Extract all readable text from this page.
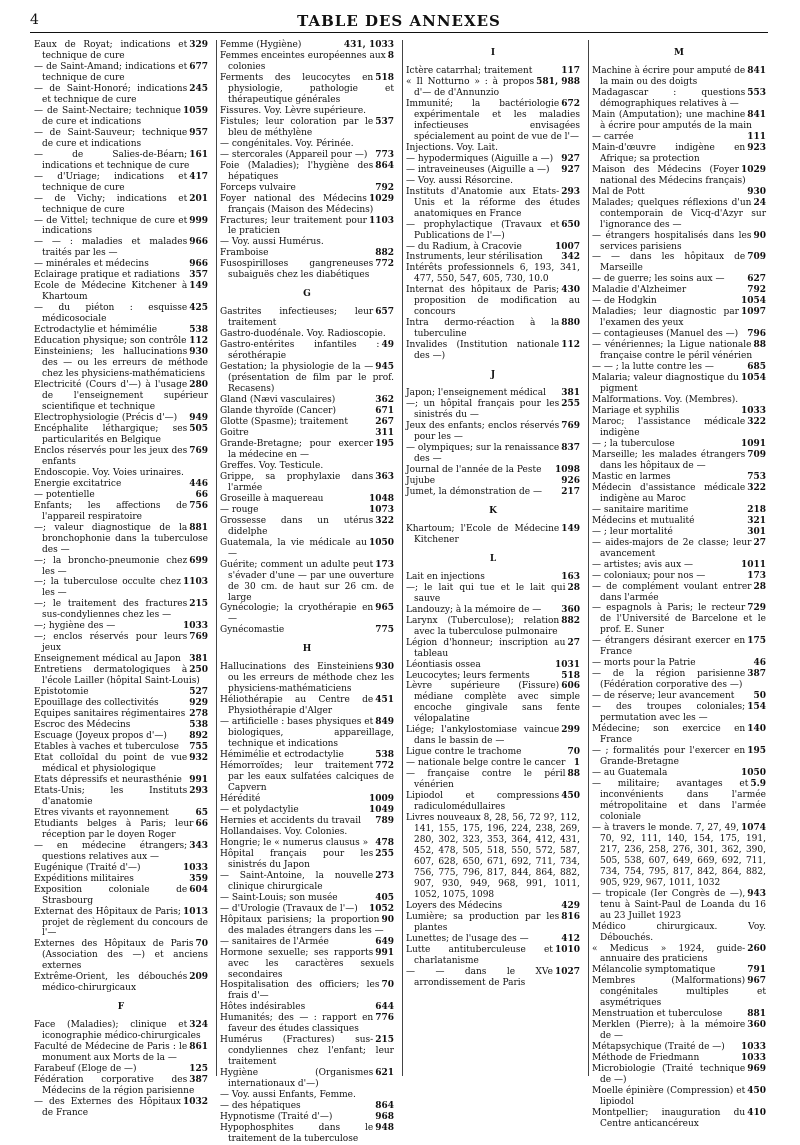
4	TABLE DES ANNEXES

329
Eaux de Royat; indications et technique de cure

677
— de Saint-Amand; indications et technique de cure

245
— de Saint-Honoré; indications et technique de cure

1059
— de Saint-Nectaire; technique de cure et indications

957
— de Saint-Sauveur; technique de cure et indications

161
— de Salies-de-Béarn; indications et technique de cure

417
— d'Uriage; indications et technique de cure

201
— de Vichy; indications et technique de cure

999
— de Vittel; technique de cure et indications

966
— — : maladies et malades traités par les —

966
— minérales et médecins

357
Eclairage pratique et radiations

149
Ecole de Médecine Kitchener à Khartoum

425
— du piéton : esquisse médicosociale

538
Ectrodactylie et hémimélie

112
Education physique; son contrôle

930
Einsteiniens; les hallucinations des — ou les erreurs de méthode chez les physiciens-mathématiciens

280
Electricité (Cours d'—) à l'usage de l'enseignement supérieur scientifique et technique

949
Electrophysiologie (Précis d'—)

505
Encéphalite léthargique; ses particularités en Belgique

769
Enclos réservés pour les jeux des enfants

Endoscopie. Voy. Voies urinaires.

446
Energie excitatrice

66
— potentielle

756
Enfants; les affections de l'appareil respiratoire

881
—; valeur diagnostique de la bronchophonie dans la tuberculose des —

699
—; la broncho-pneumonie chez les —

1103
—; la tuberculose occulte chez les —

215
—; le traitement des fractures sus-condyliennes chez les —

1033
—; hygiène des —

769
—; enclos réservés pour leurs jeux

381
Enseignement médical au Japon

250
Entretiens dermatologiques à l'école Lailler (hôpital Saint-Louis)

527
Epistotomie

929
Epouillage des collectivités

278
Equipes sanitaires régimentaires

538
Escroc des Médecins

892
Escuage (Joyeux propos d'—)

755
Etables à vaches et tuberculose

932
Etat colloïdal du point de vue médical et physiologique

991
Etats dépressifs et neurasthénie

293
Etats-Unis; les Instituts d'anatomie

65
Etres vivants et rayonnement

66
Etudiants belges à Paris; leur réception par le doyen Roger

343
— en médecine étrangers; questions relatives aux —

1033
Eugénique (Traité d'—)

359
Expéditions militaires

604
Exposition coloniale de Strasbourg

1013
Externat des Hôpitaux de Paris; projet de règlement du concours de l'—

70
Externes des Hôpitaux de Paris (Association des —) et anciens externes

209
Extrême-Orient, les débouchés médico-chirurgicaux

F

324
Face (Maladies); clinique et iconographie médico-chirurgicales

861
Faculté de Médecine de Paris : le monument aux Morts de la —

125
Farabeuf (Eloge de —)

387
Fédération corporative des Médecins de la région parisienne

1032
— des Externes des Hôpitaux de France

431, 1033
Femme (Hygiène)

8
Femmes enceintes européennes aux colonies

518
Ferments des leucocytes en physiologie, pathologie et thérapeutique générales

Fissures. Voy. Lèvre supérieure.

537
Fistules; leur coloration par le bleu de méthylène

— congénitales. Voy. Périnée.

773
— stercorales (Appareil pour —)

864
Foie (Maladies); l'hygiène des hépatiques

792
Forceps vulvaire

1029
Foyer national des Médecins français (Maison des Médecins)

1103
Fractures; leur traitement pour le praticien

— Voy. aussi Humérus.

882
Framboise

772
Fusospirilloses gangreneuses subaiguës chez les diabétiques

G

657
Gastrites infectieuses; leur traitement

Gastro-duodénale. Voy. Radioscopie.

49
Gastro-entérites infantiles : sérothérapie

945
Gestation; la physiologie de la — (présentation de film par le prof. Recasens)

362
Gland (Nævi vasculaires)

671
Glande thyroïde (Cancer)

267
Glotte (Spasme); traitement

311
Goitre

195
Grande-Bretagne; pour exercer la médecine en —

Greffes. Voy. Testicule.

363
Grippe, sa prophylaxie dans l'armée

1048
Groseille à maquereau

1073
— rouge

322
Grossesse dans un utérus didelphe

1050
Guatemala, la vie médicale au —

173
Guérite; comment un adulte peut s'évader d'une — par une ouverture de 30 cm. de haut sur 26 cm. de large

965
Gynécologie; la cryothérapie en —

775
Gynécomastie

H

930
Hallucinations des Einsteiniens ou les erreurs de méthode chez les physiciens-mathématiciens

451
Héliothérapie au Centre de Physiothérapie d'Alger

849
— artificielle : bases physiques et biologiques, appareillage, technique et indications

538
Hémimélie et ectrodactylie

772
Hémorroïdes; leur traitement par les eaux sulfatées calciques de Capvern

1009
Hérédité

1049
— et polydactylie

789
Hernies et accidents du travail

Hollandaises. Voy. Colonies.

478
Hongrie; le « numerus clausus »

255
Hôpital français pour les sinistrés du Japon

273
— Saint-Antoine, la nouvelle clinique chirurgicale

405
— Saint-Louis; son musée

1052
— d'Urologie (Travaux de l'—)

90
Hôpitaux parisiens; la proportion des malades étrangers dans les —

649
— sanitaires de l'Armée

991
Hormone sexuelle; ses rapports avec les caractères sexuels secondaires

70
Hospitalisation des officiers; les frais d'—

644
Hôtes indésirables

776
Humanités; des — : rapport en faveur des études classiques

215
Humérus (Fractures) sus-condyliennes chez l'enfant; leur traitement

621
Hygiène (Organismes internationaux d'—)

— Voy. aussi Enfants, Femme.

864
— des hépatiques

968
Hypnotisme (Traité d'—)

948
Hypophosphites dans le traitement de la tuberculose

I

117
Ictère catarrhal; traitement

581, 988
« Il Notturno » : à propos d'— de d'Annunzio

672
Immunité; la bactériologie expérimentale et les maladies infectieuses envisagées spécialement au point de vue de l'—

Injections. Voy. Lait.

927
— hypodermiques (Aiguille a —)

927
— intraveineuses (Aiguille a —)

— Voy. aussi Résorcine.

293
Instituts d'Anatomie aux Etats-Unis et la réforme des études anatomiques en France

650
— prophylactique (Travaux et Publications de l'—)

1007
— du Radium, à Cracovie

342
Instruments, leur stérilisation

Intérêts professionnels 6, 193, 341, 477, 550, 547, 605, 730, 10.0

430
Internat des hôpitaux de Paris; proposition de modification au concours

880
Intra dermo-réaction à la tuberculine

112
Invalides (Institution nationale des —)

J

381
Japon; l'enseignement médical

255
—; un hôpital français pour les sinistrés du —

769
Jeux des enfants; enclos réservés pour les —

837
— olympiques; sur la renaissance des —

1098
Journal de l'année de la Peste

926
Jujube

217
Jumet, la démonstration de —

K

149
Khartoum; l'Ecole de Médecine Kitchener

L

163
Lait en injections

28
—; le lait qui tue et le lait qui sauve

360
Landouzy; à la mémoire de —

882
Larynx (Tuberculose); relation avec la tuberculose pulmonaire

27
Légion d'honneur; inscription au tableau

1031
Léontiasis ossea

518
Leucocytes; leurs ferments

606
Lèvre supérieure (Fissure) médiane complète avec simple encoche gingivale sans fente vélopalatine

299
Liége; l'ankylostomiase vaincue dans le bassin de —

70
Ligue contre le trachome

1
— nationale belge contre le cancer

88
— française contre le péril vénérien

450
Lipiodol et compressions radiculomédullaires

Livres nouveaux 8, 28, 56, 72 9?, 112, 141, 155, 175, 196, 224, 238, 269, 280, 302, 323, 353, 364, 412, 431, 452, 478, 505, 518, 550, 572, 587, 607, 628, 650, 671, 692, 711, 734, 756, 775, 796, 817, 844, 864, 882, 907, 930, 949, 968, 991, 1011, 1052, 1075, 1098

429
Loyers des Médecins

816
Lumière; sa production par les plantes

412
Lunettes; de l'usage des —

1010
Lutte antituberculeuse et charlatanisme

1027
— — dans le XVe arrondissement de Paris

M

841
Machine à écrire pour amputé de la main ou des doigts

553
Madagascar : questions démographiques relatives à —

841
Main (Amputation); une machine à écrire pour amputés de la main

111
— carrée

923
Main-d'œuvre indigène en Afrique; sa protection

1029
Maison des Médecins (Foyer national des Médecins français)

930
Mal de Pott

24
Malades; quelques réflexions d'un contemporain de Vicq-d'Azyr sur l'ignorance des —

90
— étrangers hospitalisés dans les services parisiens

709
— — dans les hôpitaux de Marseille

627
— de guerre; les soins aux —

792
Maladie d'Alzheimer

1054
— de Hodgkin

1097
Maladies; leur diagnostic par l'examen des yeux

796
— contagieuses (Manuel des —)

88
— vénériennes; la Ligue nationale française contre le péril vénérien

685
— — ; la lutte contre les —

1054
Malaria; valeur diagnostique du pigment

Malformations. Voy. (Membres).

1033
Mariage et syphilis

322
Maroc; l'assistance médicale indigène

1091
— ; la tuberculose

709
Marseille; les malades étrangers dans les hôpitaux de —

753
Mastic en larmes

322
Médecin d'assistance médicale indigène au Maroc

218
— sanitaire maritime

321
Médecins et mutualité

301
— ; leur mortalité

27
— aides-majors de 2e classe; leur avancement

1011
— artistes; avis aux —

173
— coloniaux; pour nos —

28
— de complément voulant entrer dans l'armée

729
— espagnols à Paris; le recteur de l'Université de Barcelone et le prof. E. Suner

175
— étrangers désirant exercer en France

46
— morts pour la Patrie

387
— de la région parisienne (Fédération corporative des —)

50
— de réserve; leur avancement

154
— des troupes coloniales; permutation avec les —

140
Médecine; son exercice en France

195
— ; formalités pour l'exercer en Grande-Bretagne

1050
— au Guatemala

5.9
— militaire; avantages et inconvénients dans l'armée métropolitaine et dans l'armée coloniale

1074
— à travers le monde. 7, 27, 49, 70, 92, 111, 140, 154, 175, 191, 217, 236, 258, 276, 301, 362, 390, 505, 538, 607, 649, 669, 692, 711, 734, 754, 795, 817, 842, 864, 882, 905, 929, 967, 1011, 1032

943
— tropicale (Ier Congrès de —), tenu à Saint-Paul de Loanda du 16 au 23 Juillet 1923

Médico chirurgicaux. Voy. Débouchés.

260
« Medicus » 1924, guide-annuaire des praticiens

791
Mélancolie symptomatique

967
Membres (Malformations) congénitales multiples et asymétriques

881
Menstruation et tuberculose

360
Merklen (Pierre); à la mémoire de —

1033
Métapsychique (Traité de —)

1033
Méthode de Friedmann

969
Microbiologie (Traité technique de —)

450
Moelle épinière (Compression) et lipiodol

410
Montpellier; inauguration du Centre anticancéreux
